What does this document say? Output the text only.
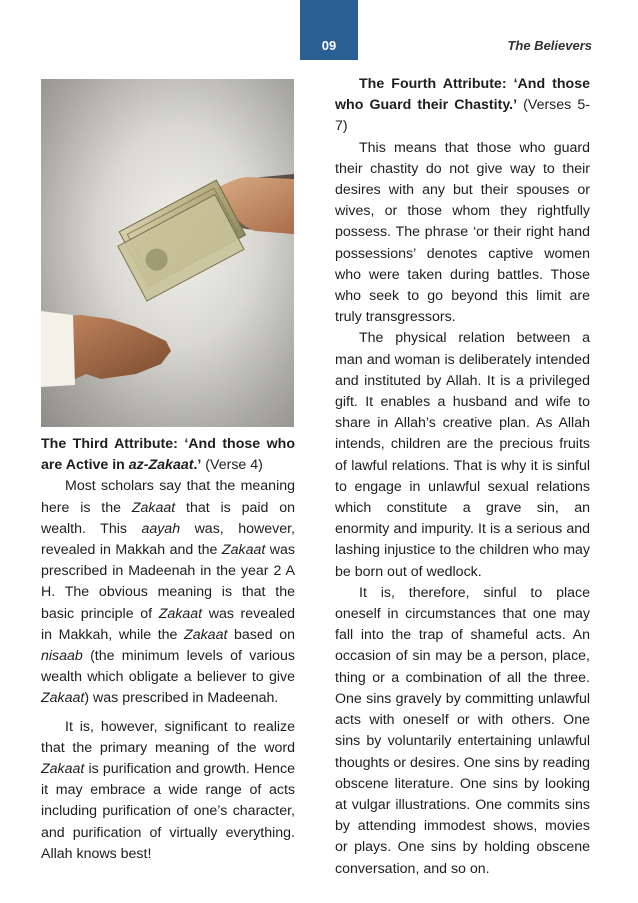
09	The Believers

The Third Attribute: ‘And those who are Active in az-Zakaat.’ (Verse 4)

Most scholars say that the meaning here is the Zakaat that is paid on wealth. This aayah was, however, revealed in Makkah and the Zakaat was prescribed in Madeenah in the year 2 A H. The obvious meaning is that the basic principle of Zakaat was revealed in Makkah, while the Zakaat based on nisaab (the minimum levels of various wealth which obligate a believer to give Zakaat) was prescribed in Madeenah.

It is, however, significant to realize that the primary meaning of the word Zakaat is purification and growth. Hence it may embrace a wide range of acts including purification of one’s character, and purification of virtually everything. Allah knows best!

The Fourth Attribute: ‘And those who Guard their Chastity.’ (Verses 5-7)

This means that those who guard their chastity do not give way to their desires with any but their spouses or wives, or those whom they rightfully possess. The phrase ‘or their right hand possessions’ denotes captive women who were taken during battles. Those who seek to go beyond this limit are truly transgressors.

The physical relation between a man and woman is deliberately intended and instituted by Allah. It is a privileged gift. It enables a husband and wife to share in Allah’s creative plan. As Allah intends, children are the precious fruits of lawful relations. That is why it is sinful to engage in unlawful sexual relations which constitute a grave sin, an enormity and impurity. It is a serious and lashing injustice to the children who may be born out of wedlock.

It is, therefore, sinful to place oneself in circumstances that one may fall into the trap of shameful acts. An occasion of sin may be a person, place, thing or a combination of all the three. One sins gravely by committing unlawful acts with oneself or with others. One sins by voluntarily entertaining unlawful thoughts or desires. One sins by reading obscene literature. One sins by looking at vulgar illustrations. One commits sins by attending immodest shows, movies or plays. One sins by holding obscene conversation, and so on.
